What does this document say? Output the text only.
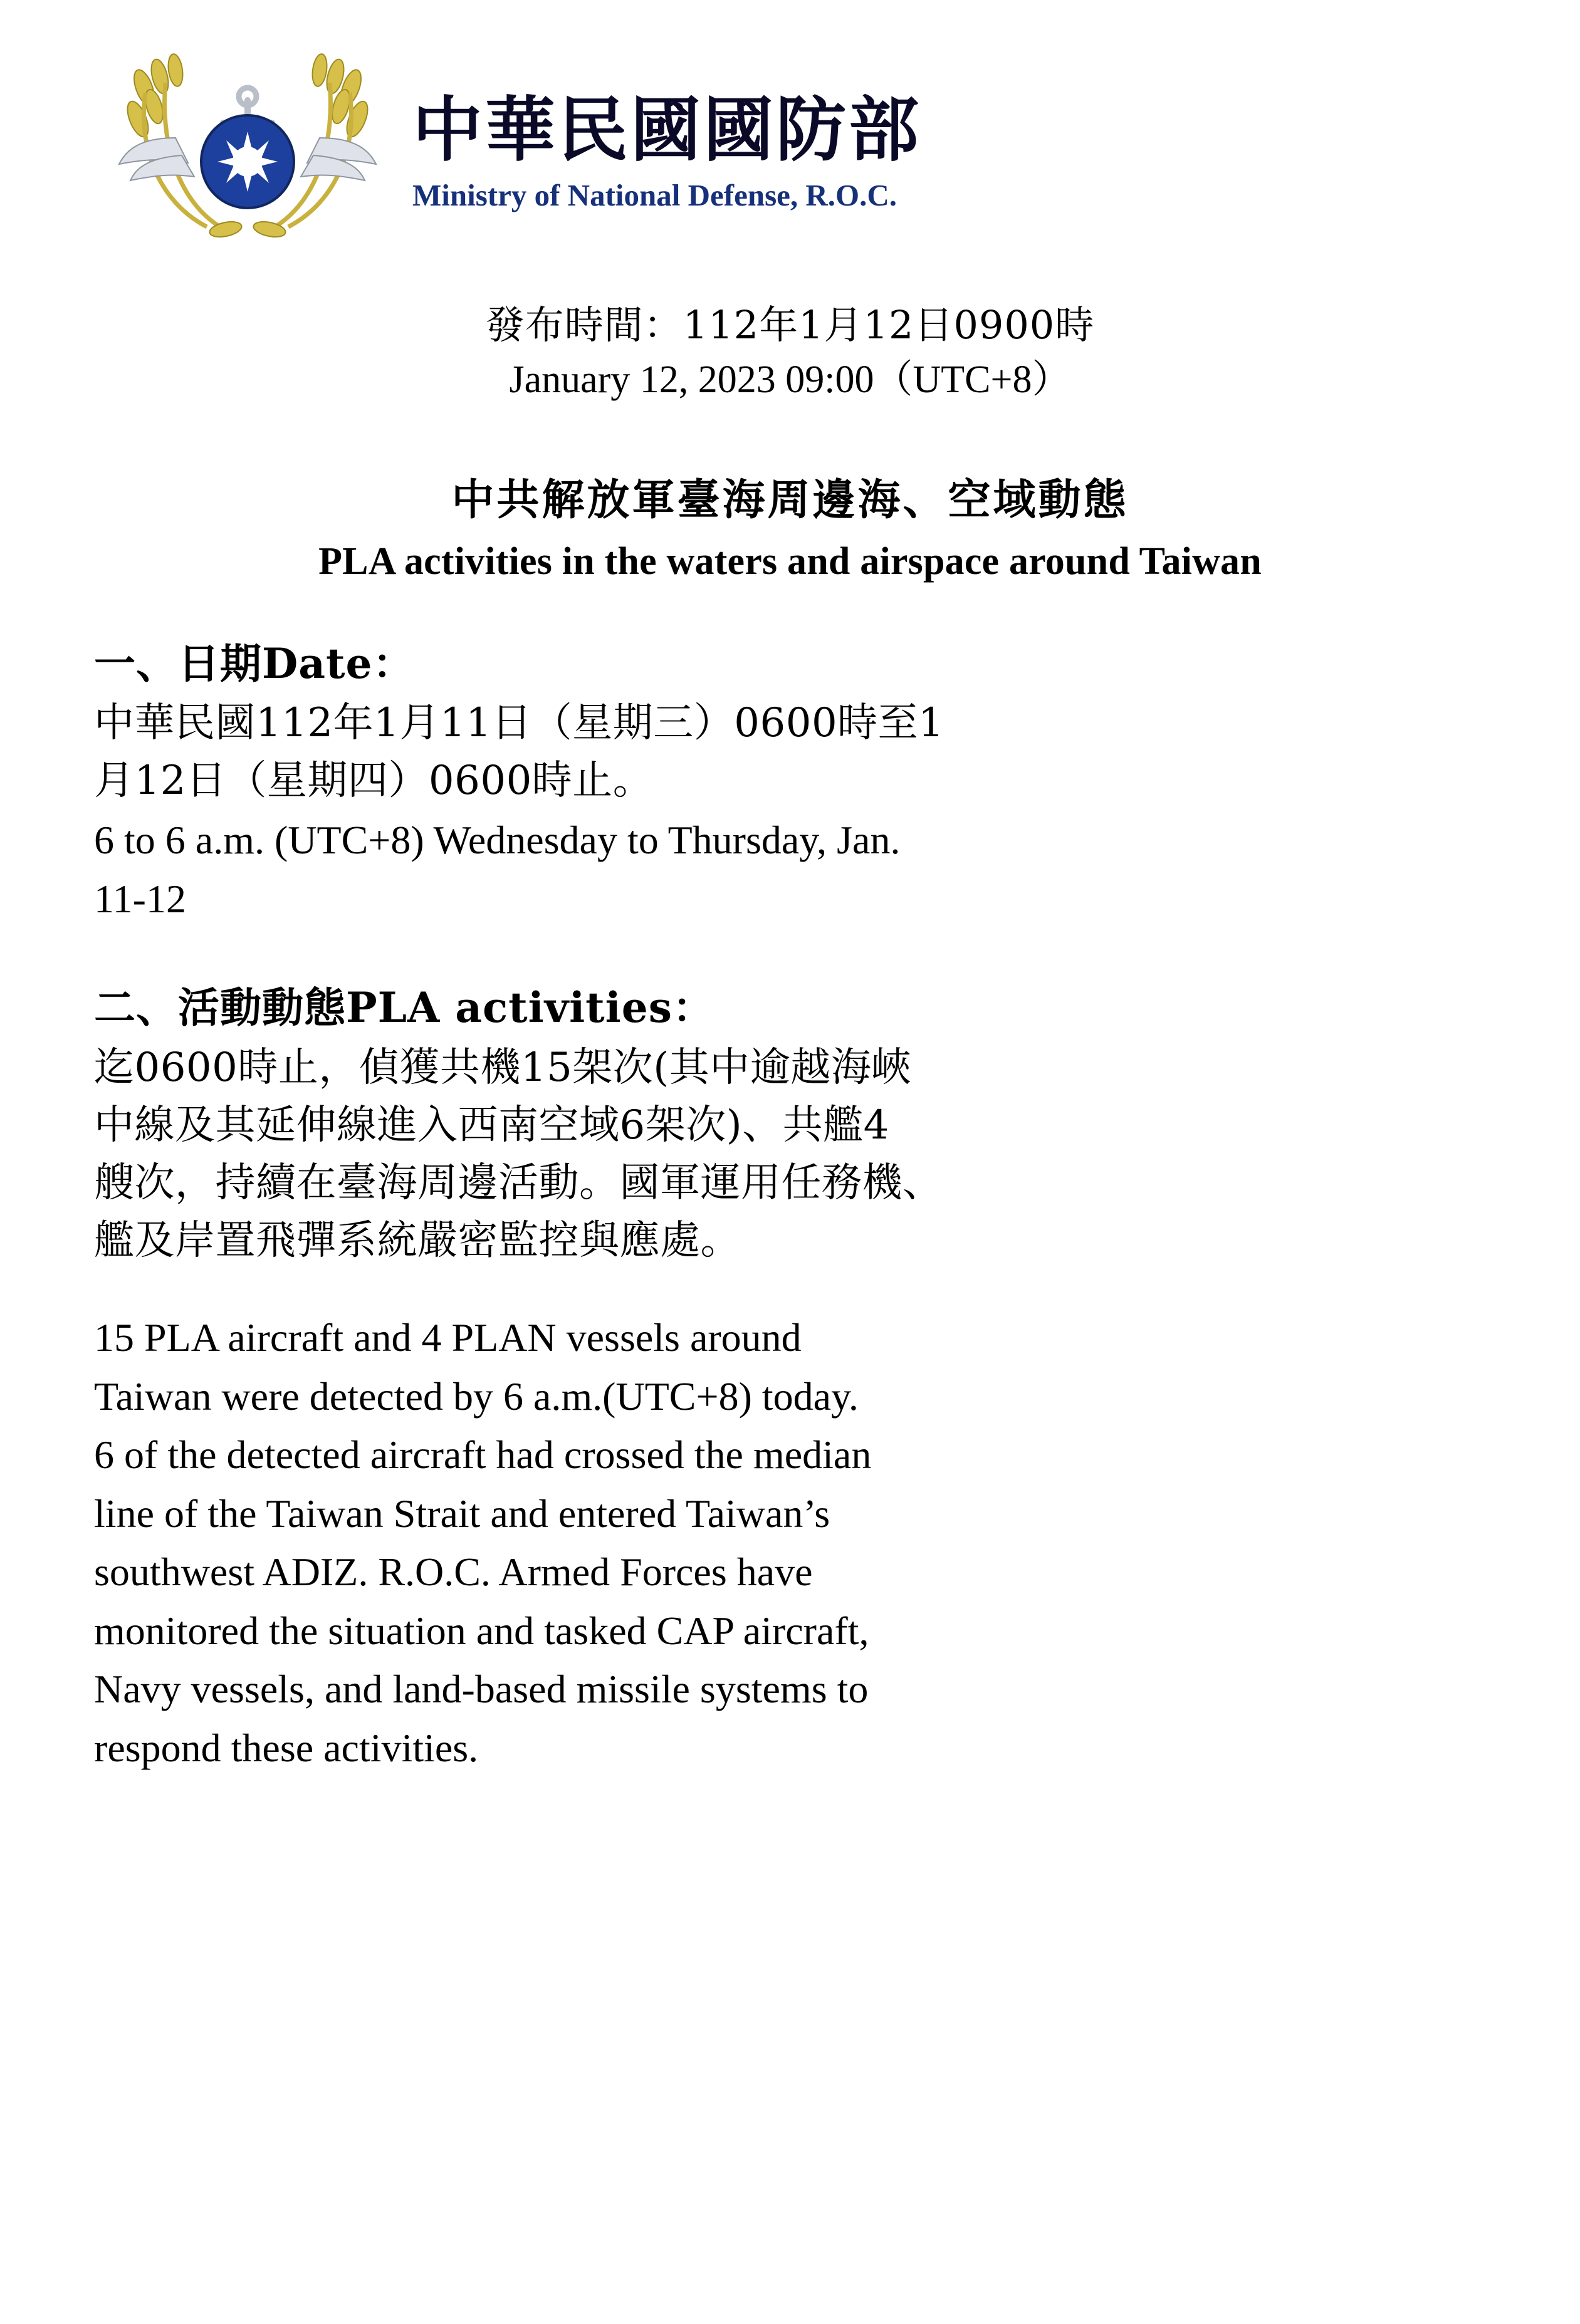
中華民國國防部
Ministry of National Defense, R.O.C.
發布時間：112年1月12日0900時
January 12, 2023 09:00（UTC+8）
中共解放軍臺海周邊海、空域動態
PLA activities in the waters and airspace around Taiwan
一、日期Date：
中華民國112年1月11日（星期三）0600時至1
月12日（星期四）0600時止。
6 to 6 a.m. (UTC+8) Wednesday to Thursday, Jan.
11-12
二、活動動態PLA activities：
迄0600時止，偵獲共機15架次(其中逾越海峽
中線及其延伸線進入西南空域6架次)、共艦4
艘次，持續在臺海周邊活動。國軍運用任務機、
艦及岸置飛彈系統嚴密監控與應處。
15 PLA aircraft and 4 PLAN vessels around
Taiwan were detected by 6 a.m.(UTC+8) today.
6 of the detected aircraft had crossed the median
line of the Taiwan Strait and entered Taiwan’s
southwest ADIZ. R.O.C. Armed Forces have
monitored the situation and tasked CAP aircraft,
Navy vessels, and land-based missile systems to
respond these activities.
